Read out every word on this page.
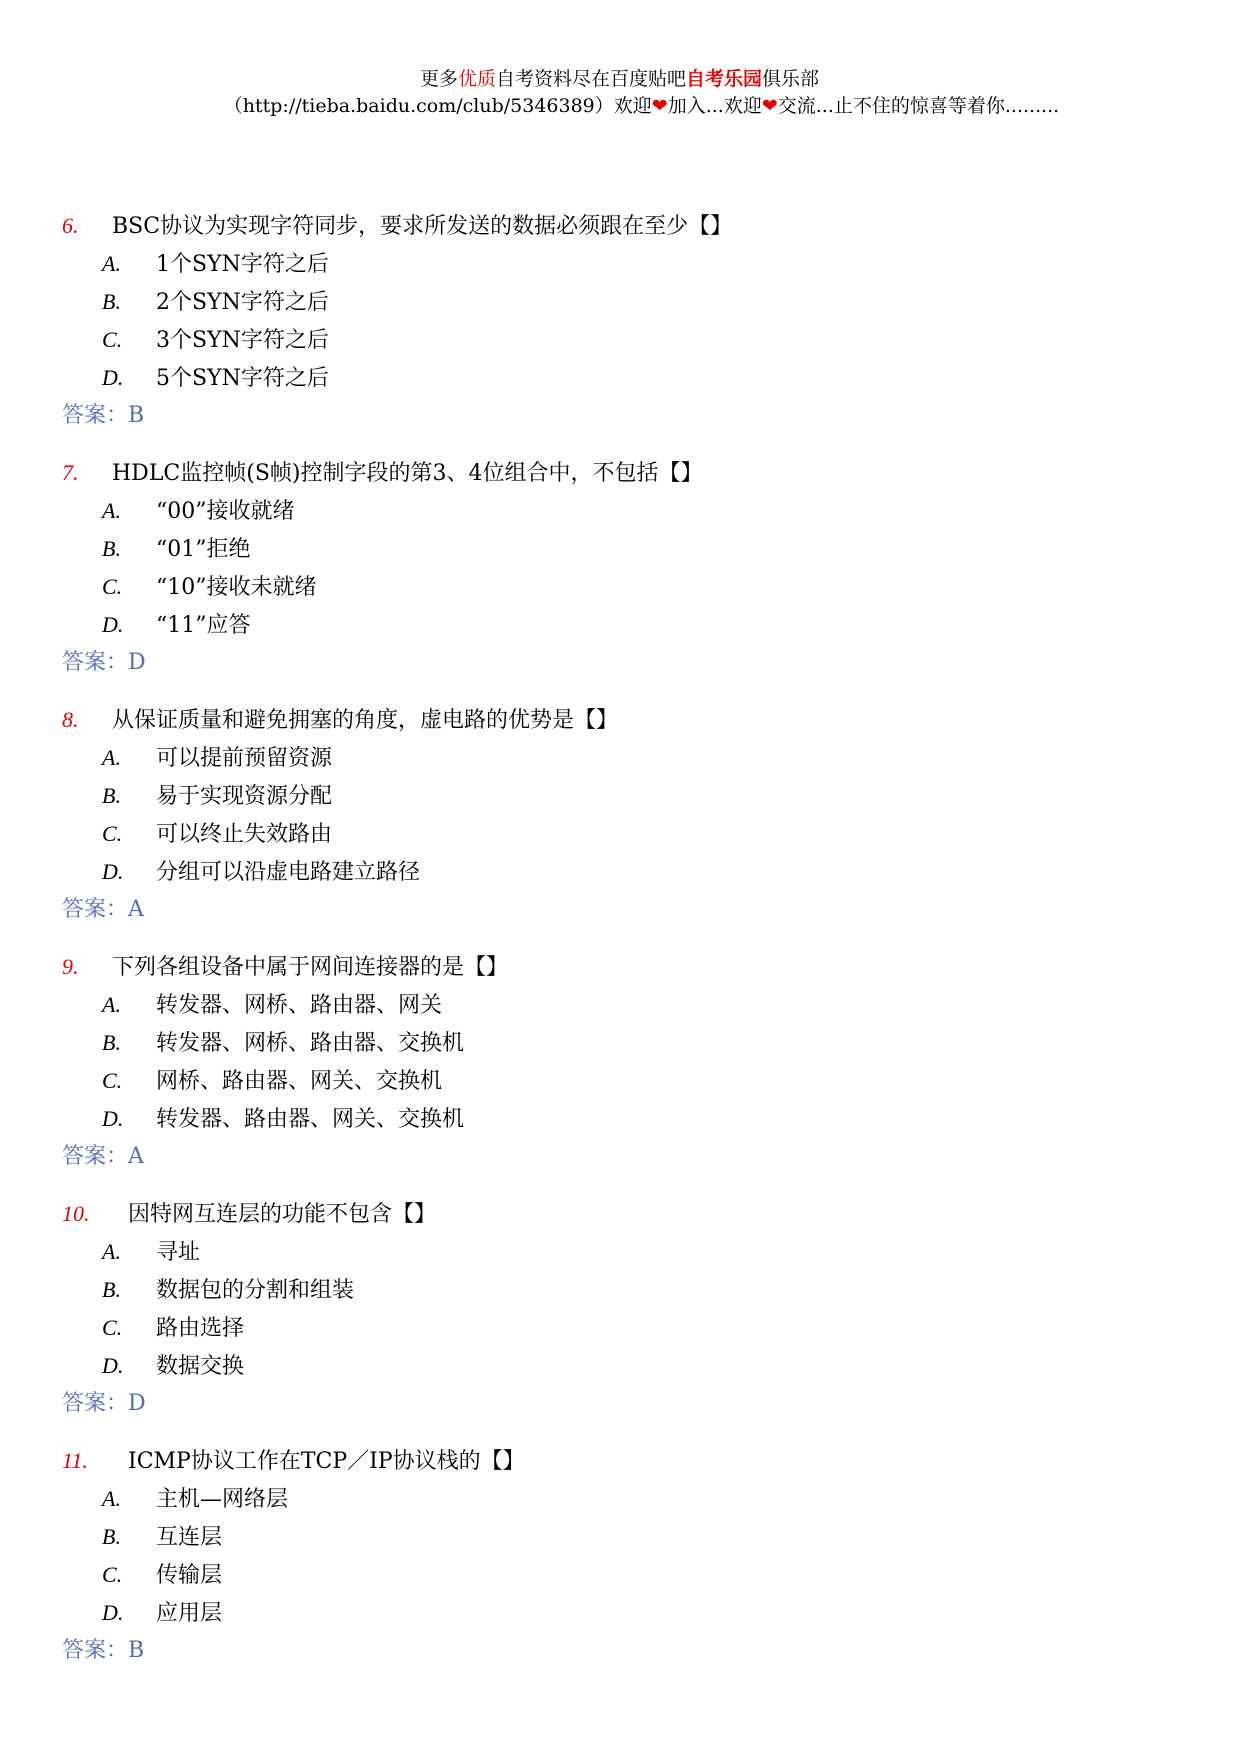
更多优质自考资料尽在百度贴吧自考乐园俱乐部
（http://tieba.baidu.com/club/5346389）欢迎❤加入...欢迎❤交流...止不住的惊喜等着你.........
6. BSC协议为实现字符同步，要求所发送的数据必须跟在至少【】
A. 1个SYN字符之后
B. 2个SYN字符之后
C. 3个SYN字符之后
D. 5个SYN字符之后
答案：B
7. HDLC监控帧(S帧)控制字段的第3、4位组合中，不包括【】
A. “00”接收就绪
B. “01”拒绝
C. “10”接收未就绪
D. “11”应答
答案：D
8. 从保证质量和避免拥塞的角度，虚电路的优势是【】
A. 可以提前预留资源
B. 易于实现资源分配
C. 可以终止失效路由
D. 分组可以沿虚电路建立路径
答案：A
9. 下列各组设备中属于网间连接器的是【】
A. 转发器、网桥、路由器、网关
B. 转发器、网桥、路由器、交换机
C. 网桥、路由器、网关、交换机
D. 转发器、路由器、网关、交换机
答案：A
10. 因特网互连层的功能不包含【】
A. 寻址
B. 数据包的分割和组装
C. 路由选择
D. 数据交换
答案：D
11. ICMP协议工作在TCP／IP协议栈的【】
A. 主机—网络层
B. 互连层
C. 传输层
D. 应用层
答案：B
